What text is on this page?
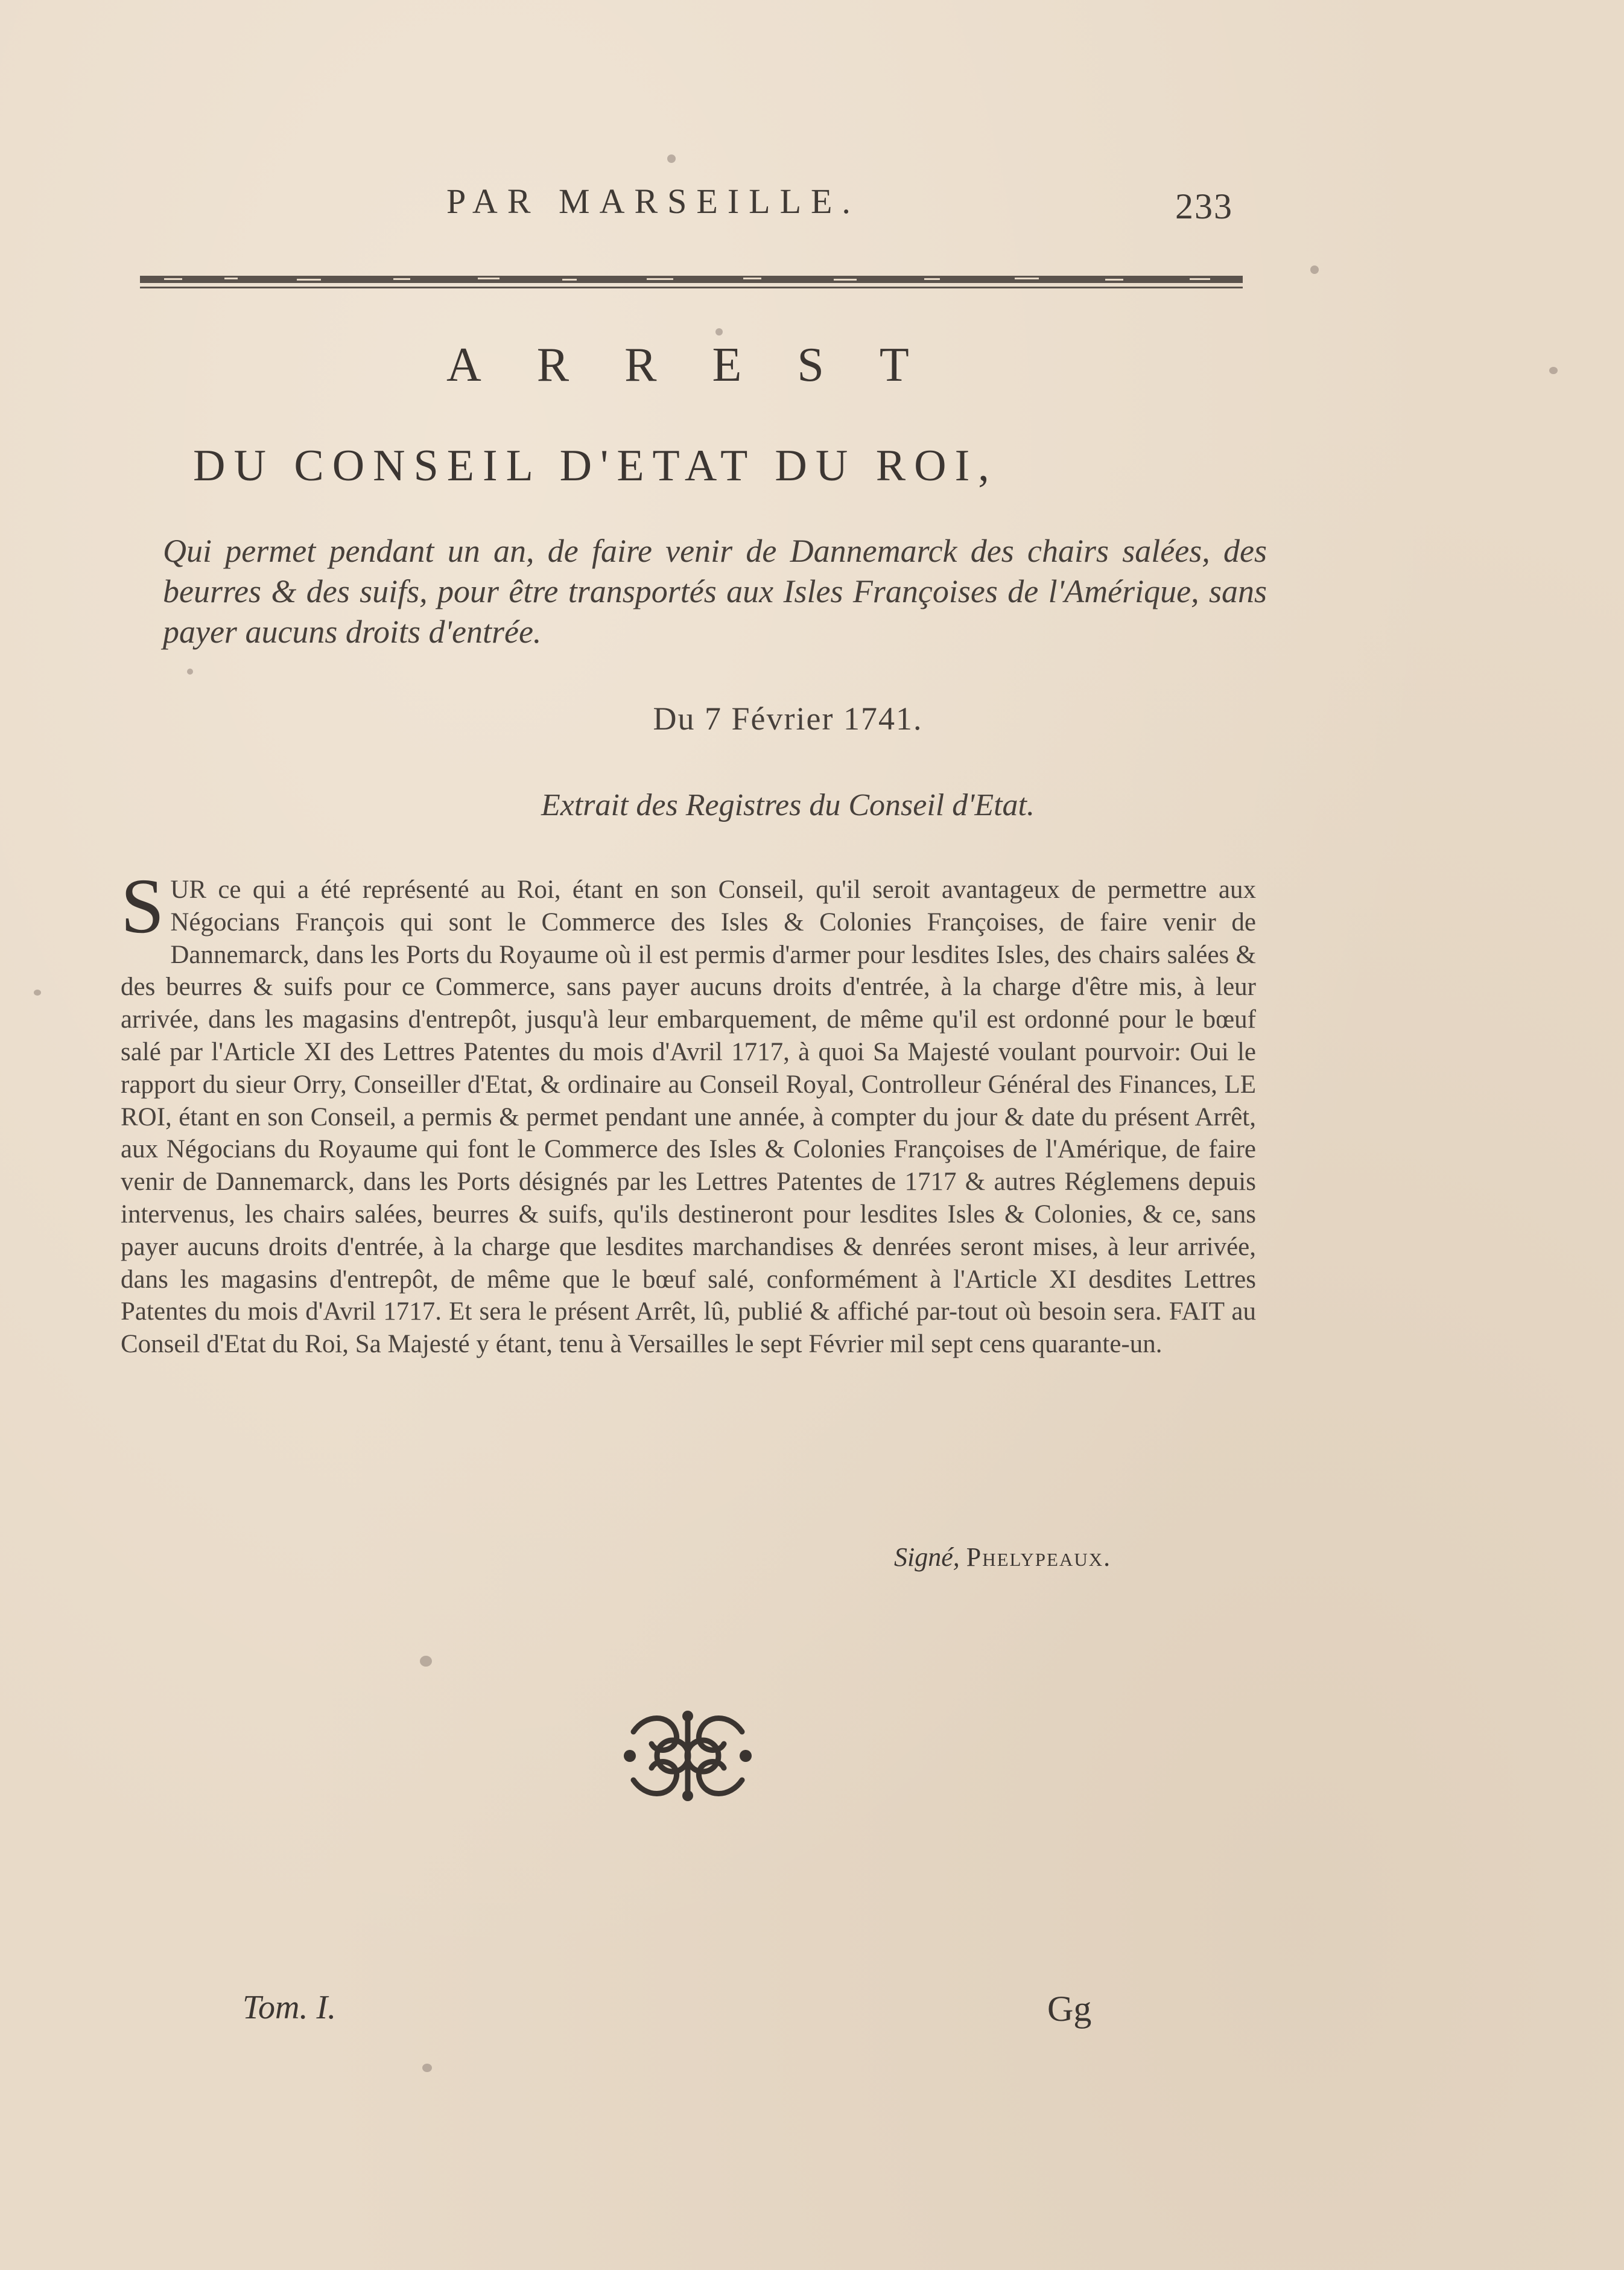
PAR MARSEILLE.	233
ARREST
DU CONSEIL D'ETAT DU ROI,
Qui permet pendant un an, de faire venir de Dannemarck des chairs salées, des beurres & des suifs, pour être transportés aux Isles Françoises de l'Amérique, sans payer aucuns droits d'entrée.
Du 7 Février 1741.
Extrait des Registres du Conseil d'Etat.
S UR ce qui a été représenté au Roi, étant en son Conseil, qu'il seroit avantageux de permettre aux Négocians François qui sont le Commerce des Isles & Colonies Françoises, de faire venir de Dannemarck, dans les Ports du Royaume où il est permis d'armer pour lesdites Isles, des chairs salées & des beurres & suifs pour ce Commerce, sans payer aucuns droits d'entrée, à la charge d'être mis, à leur arrivée, dans les magasins d'entrepôt, jusqu'à leur embarquement, de même qu'il est ordonné pour le bœuf salé par l'Article XI des Lettres Patentes du mois d'Avril 1717, à quoi Sa Majesté voulant pourvoir: Oui le rapport du sieur Orry, Conseiller d'Etat, & ordinaire au Conseil Royal, Controlleur Général des Finances, LE ROI, étant en son Conseil, a permis & permet pendant une année, à compter du jour & date du présent Arrêt, aux Négocians du Royaume qui font le Commerce des Isles & Colonies Françoises de l'Amérique, de faire venir de Dannemarck, dans les Ports désignés par les Lettres Patentes de 1717 & autres Réglemens depuis intervenus, les chairs salées, beurres & suifs, qu'ils destineront pour lesdites Isles & Colonies, & ce, sans payer aucuns droits d'entrée, à la charge que lesdites marchandises & denrées seront mises, à leur arrivée, dans les magasins d'entrepôt, de même que le bœuf salé, conformément à l'Article XI desdites Lettres Patentes du mois d'Avril 1717. Et sera le présent Arrêt, lû, publié & affiché par-tout où besoin sera. FAIT au Conseil d'Etat du Roi, Sa Majesté y étant, tenu à Versailles le sept Février mil sept cens quarante-un.
Signé, Phelypeaux.
Tom. I.	Gg
